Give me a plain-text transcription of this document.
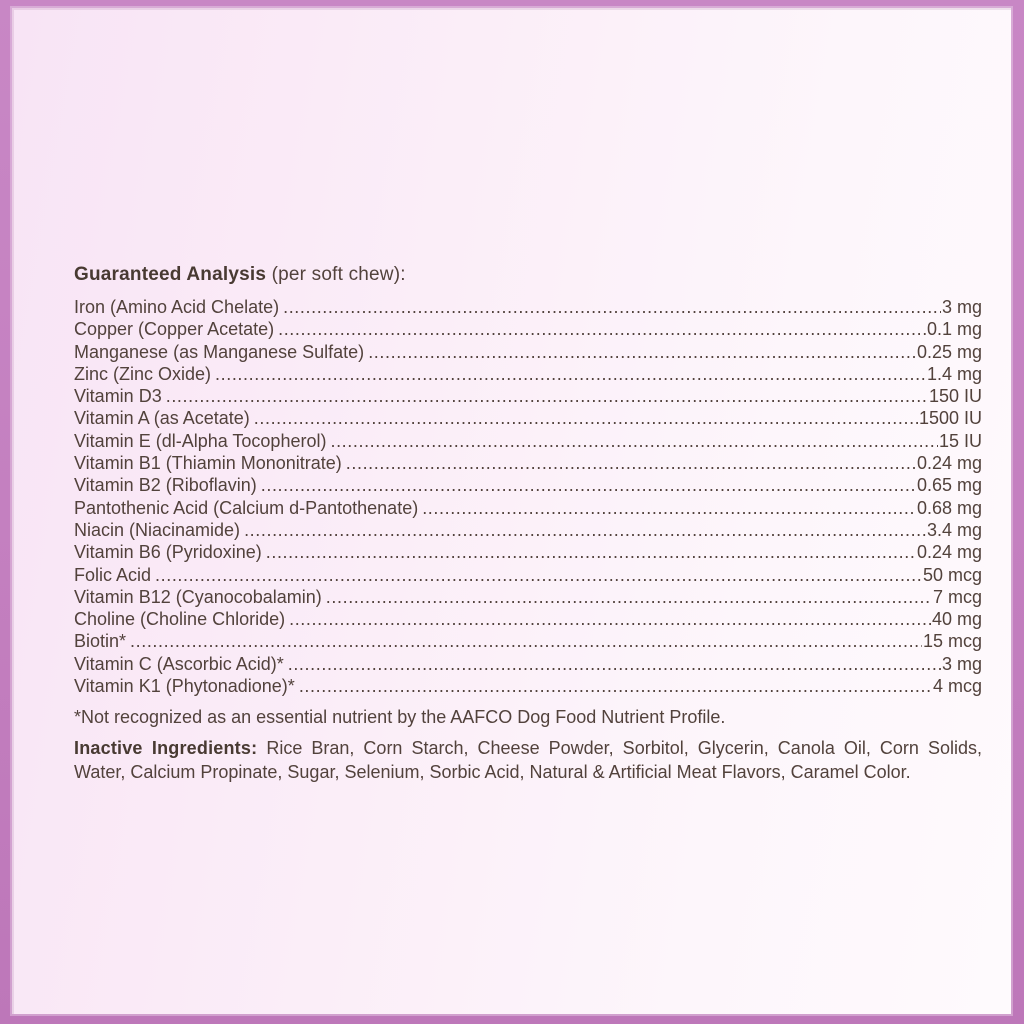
Guaranteed Analysis (per soft chew):
Iron (Amino Acid Chelate) .....	3 mg
Copper (Copper Acetate) .....	0.1 mg
Manganese (as Manganese Sulfate) .....	0.25 mg
Zinc (Zinc Oxide) .....	1.4 mg
Vitamin D3 .....	150 IU
Vitamin A (as Acetate) .....	1500 IU
Vitamin E (dl-Alpha Tocopherol) .....	15 IU
Vitamin B1 (Thiamin Mononitrate) .....	0.24 mg
Vitamin B2 (Riboflavin) .....	0.65 mg
Pantothenic Acid (Calcium d-Pantothenate) .....	0.68 mg
Niacin (Niacinamide) .....	3.4 mg
Vitamin B6 (Pyridoxine) .....	0.24 mg
Folic Acid .....	50 mcg
Vitamin B12 (Cyanocobalamin) .....	7 mcg
Choline (Choline Chloride) .....	40 mg
Biotin* .....	15 mcg
Vitamin C (Ascorbic Acid)* .....	3 mg
Vitamin K1 (Phytonadione)* .....	4 mcg
*Not recognized as an essential nutrient by the AAFCO Dog Food Nutrient Profile.
Inactive Ingredients: Rice Bran, Corn Starch, Cheese Powder, Sorbitol, Glycerin, Canola Oil, Corn Solids, Water, Calcium Propinate, Sugar, Selenium, Sorbic Acid, Natural & Artificial Meat Flavors, Caramel Color.
